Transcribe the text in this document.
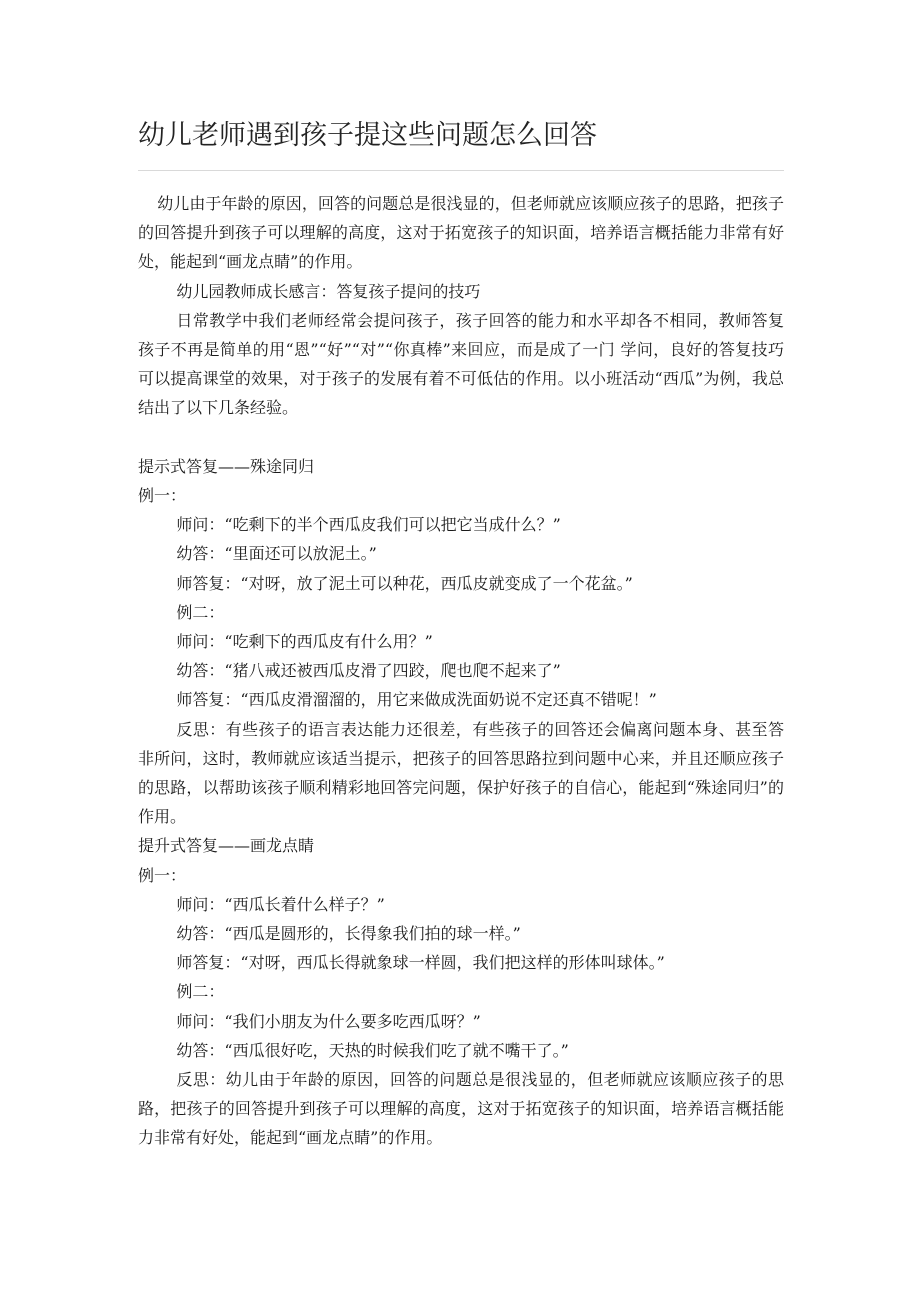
幼儿老师遇到孩子提这些问题怎么回答

幼儿由于年龄的原因，回答的问题总是很浅显的，但老师就应该顺应孩子的思路，把孩子的回答提升到孩子可以理解的高度，这对于拓宽孩子的知识面，培养语言概括能力非常有好处，能起到“画龙点睛”的作用。

幼儿园教师成长感言：答复孩子提问的技巧

日常教学中我们老师经常会提问孩子，孩子回答的能力和水平却各不相同，教师答复孩子不再是简单的用“恩”“好”“对”“你真棒”来回应，而是成了一门 学问，良好的答复技巧可以提高课堂的效果，对于孩子的发展有着不可低估的作用。以小班活动“西瓜”为例，我总结出了以下几条经验。

提示式答复——殊途同归

例一：

师问：“吃剩下的半个西瓜皮我们可以把它当成什么？”

幼答：“里面还可以放泥土。”

师答复：“对呀，放了泥土可以种花，西瓜皮就变成了一个花盆。”

例二：

师问：“吃剩下的西瓜皮有什么用？”

幼答：“猪八戒还被西瓜皮滑了四跤，爬也爬不起来了”

师答复：“西瓜皮滑溜溜的，用它来做成洗面奶说不定还真不错呢！”

反思：有些孩子的语言表达能力还很差，有些孩子的回答还会偏离问题本身、甚至答非所问，这时，教师就应该适当提示，把孩子的回答思路拉到问题中心来，并且还顺应孩子的思路，以帮助该孩子顺利精彩地回答完问题，保护好孩子的自信心，能起到“殊途同归”的作用。

提升式答复——画龙点睛

例一：

师问：“西瓜长着什么样子？”

幼答：“西瓜是圆形的，长得象我们拍的球一样。”

师答复：“对呀，西瓜长得就象球一样圆，我们把这样的形体叫球体。”

例二：

师问：“我们小朋友为什么要多吃西瓜呀？”

幼答：“西瓜很好吃，天热的时候我们吃了就不嘴干了。”

反思：幼儿由于年龄的原因，回答的问题总是很浅显的，但老师就应该顺应孩子的思路，把孩子的回答提升到孩子可以理解的高度，这对于拓宽孩子的知识面，培养语言概括能力非常有好处，能起到“画龙点睛”的作用。
